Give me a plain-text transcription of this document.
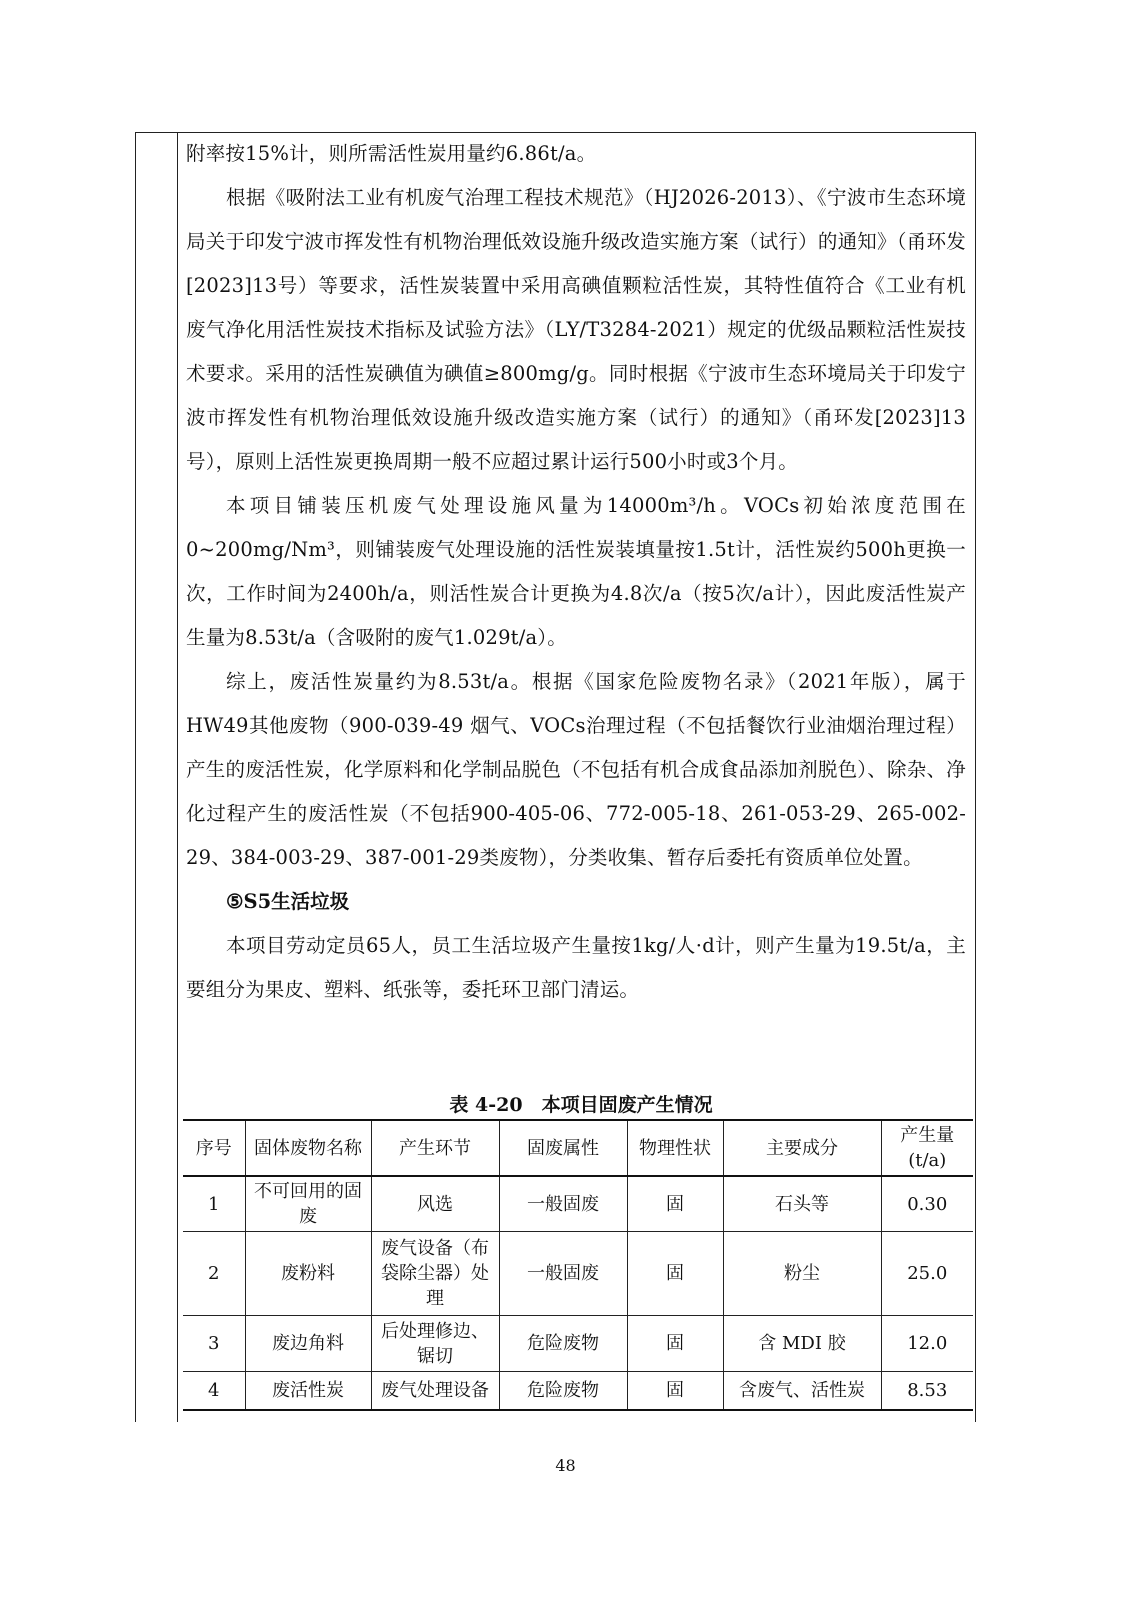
附率按15%计，则所需活性炭用量约6.86t/a。

根据《吸附法工业有机废气治理工程技术规范》（HJ2026-2013）、《宁波市生态环境局关于印发宁波市挥发性有机物治理低效设施升级改造实施方案（试行）的通知》（甬环发[2023]13号）等要求，活性炭装置中采用高碘值颗粒活性炭，其特性值符合《工业有机废气净化用活性炭技术指标及试验方法》（LY/T3284-2021）规定的优级品颗粒活性炭技术要求。采用的活性炭碘值为碘值≥800mg/g。同时根据《宁波市生态环境局关于印发宁波市挥发性有机物治理低效设施升级改造实施方案（试行）的通知》（甬环发[2023]13 号），原则上活性炭更换周期一般不应超过累计运行500小时或3个月。

本项目铺装压机废气处理设施风量为14000m³/h。VOCs初始浓度范围在0~200mg/Nm³，则铺装废气处理设施的活性炭装填量按1.5t计，活性炭约500h更换一次，工作时间为2400h/a，则活性炭合计更换为4.8次/a（按5次/a计），因此废活性炭产生量为8.53t/a（含吸附的废气1.029t/a）。

综上，废活性炭量约为8.53t/a。根据《国家危险废物名录》（2021年版），属于HW49其他废物（900-039-49 烟气、VOCs治理过程（不包括餐饮行业油烟治理过程）产生的废活性炭，化学原料和化学制品脱色（不包括有机合成食品添加剂脱色）、除杂、净化过程产生的废活性炭（不包括900-405-06、772-005-18、261-053-29、265-002-29、384-003-29、387-001-29类废物），分类收集、暂存后委托有资质单位处置。

⑤S5生活垃圾

本项目劳动定员65人，员工生活垃圾产生量按1kg/人·d计，则产生量为19.5t/a，主要组分为果皮、塑料、纸张等，委托环卫部门清运。

表 4-20　本项目固废产生情况
序号	固体废物名称	产生环节	固废属性	物理性状	主要成分	产生量(t/a)
1	不可回用的固废	风选	一般固废	固	石头等	0.30
2	废粉料	废气设备（布袋除尘器）处理	一般固废	固	粉尘	25.0
3	废边角料	后处理修边、锯切	危险废物	固	含 MDI 胶	12.0
4	废活性炭	废气处理设备	危险废物	固	含废气、活性炭	8.53
48
